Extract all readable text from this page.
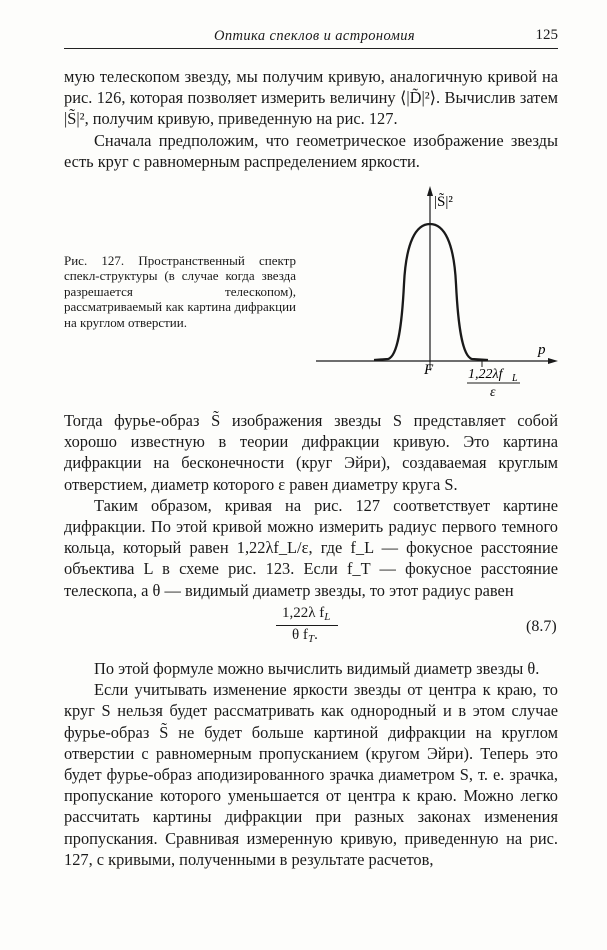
Оптика спеклов и астрономия	125

мую телескопом звезду, мы получим кривую, аналогичную кривой на рис. 126, которая позволяет измерить величину ⟨|D̃|²⟩. Вычислив затем |S̃|², получим кривую, приведенную на рис. 127.

Сначала предположим, что геометрическое изображение звезды есть круг с равномерным распределением яркости.

Рис. 127. Пространственный спектр спекл-структуры (в случае когда звезда разрешается телескопом), рассматриваемый как картина дифракции на круглом отверстии.
|S̃|²
p
F 1,22λf L
ε

Тогда фурье-образ S̃ изображения звезды S представляет собой хорошо известную в теории дифракции кривую. Это картина дифракции на бесконечности (круг Эйри), создаваемая круглым отверстием, диаметр которого ε равен диаметру круга S.

Таким образом, кривая на рис. 127 соответствует картине дифракции. По этой кривой можно измерить радиус первого темного кольца, который равен 1,22λf_L/ε, где f_L — фокусное расстояние объектива L в схеме рис. 123. Если f_T — фокусное расстояние телескопа, а θ — видимый диаметр звезды, то этот радиус равен

1,22λ $f_L$
θ $f_T$.	(8.7)

По этой формуле можно вычислить видимый диаметр звезды θ.

Если учитывать изменение яркости звезды от центра к краю, то круг S нельзя будет рассматривать как однородный и в этом случае фурье-образ S̃ не будет больше картиной дифракции на круглом отверстии с равномерным пропусканием (кругом Эйри). Теперь это будет фурье-образ аподизированного зрачка диаметром S, т. е. зрачка, пропускание которого уменьшается от центра к краю. Можно легко рассчитать картины дифракции при разных законах изменения пропускания. Сравнивая измеренную кривую, приведенную на рис. 127, с кривыми, полученными в результате расчетов,
